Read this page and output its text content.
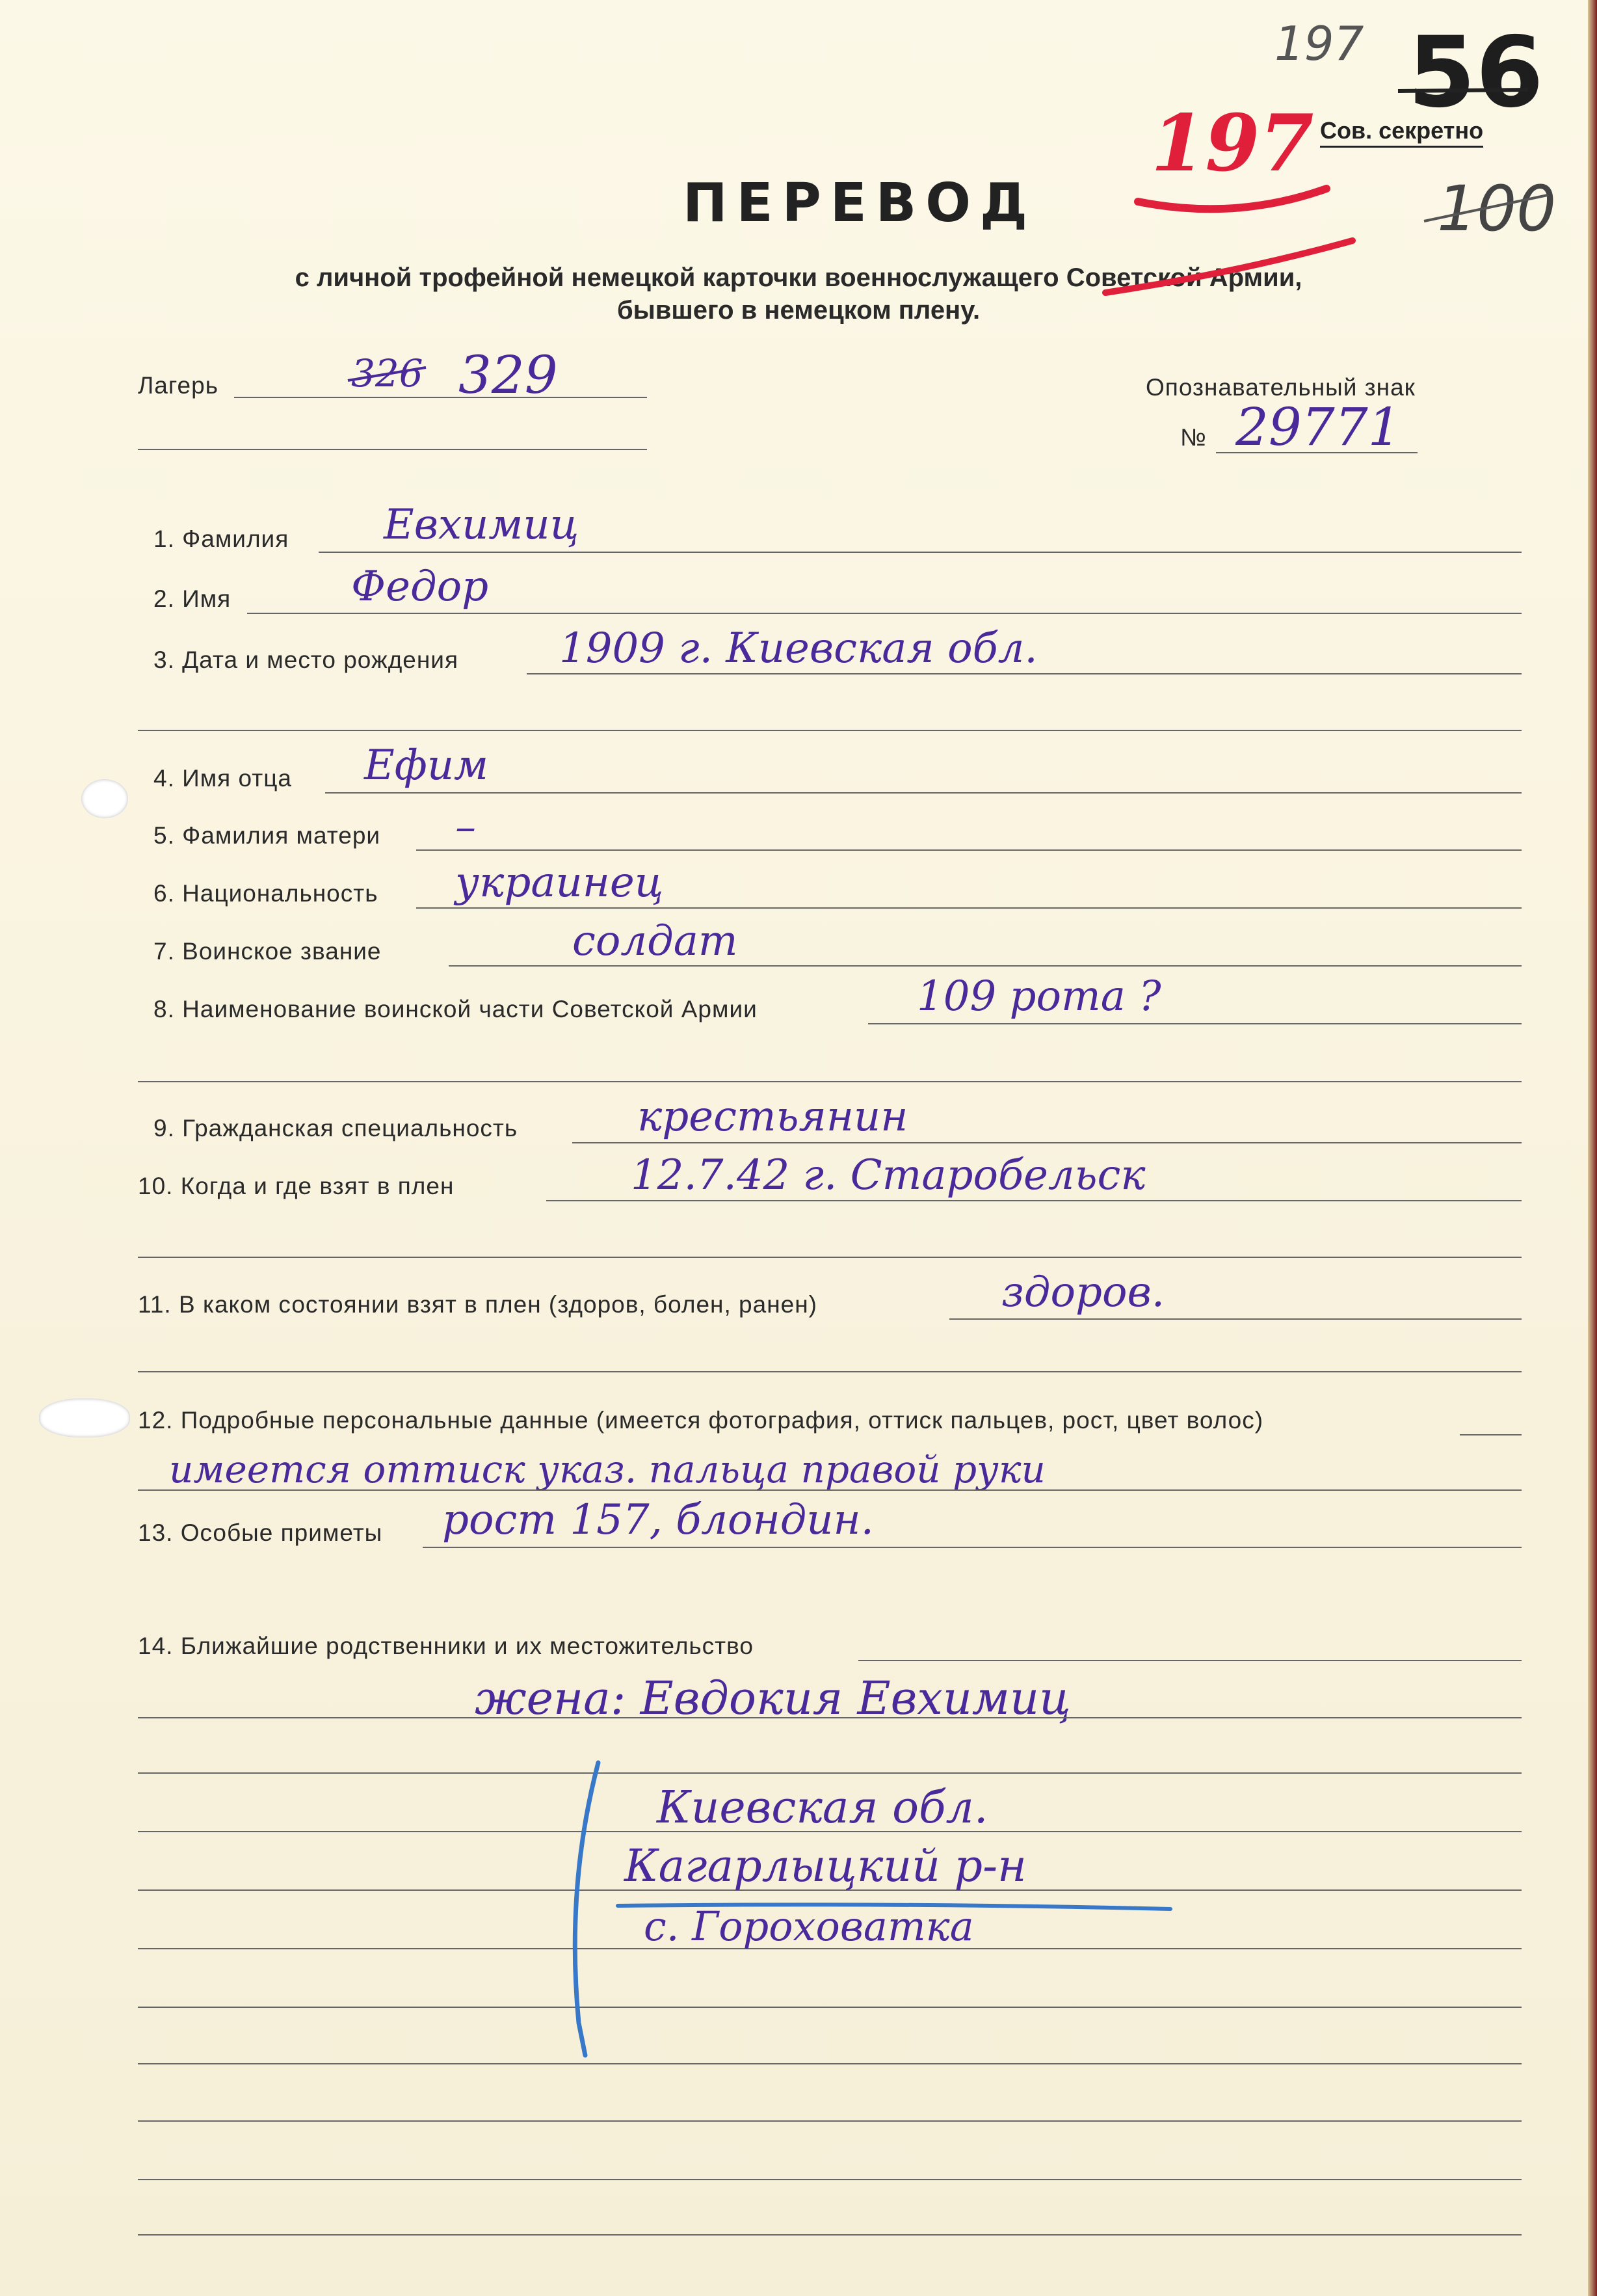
197 56
197 Сов. секретно
100
ПЕРЕВОД
с личной трофейной немецкой карточки военнослужащего Советской Армии,
бывшего в немецком плену.
Лагерь	326 329	Опознавательный знак
№ 29771
1. Фамилия Евхимиц
2. Имя	Федор
3. Дата и место рождения 1909 г. Киевская обл.
4. Имя отца Ефим
5. Фамилия матери –
6. Национальность украинец
7. Воинское звание	солдат
8. Наименование воинской части Советской Армии	109 рота ?
9. Гражданская специальность	крестьянин
10. Когда и где взят в плен	12.7.42 г. Старобельск
11. В каком состоянии взят в плен (здоров, болен, ранен)	здоров.
12. Подробные персональные данные (имеется фотография, оттиск пальцев, рост, цвет волос)
имеется оттиск указ. пальца правой руки
13. Особые приметы рост 157, блондин.
14. Ближайшие родственники и их местожительство
жена: Евдокия Евхимиц
Киевская обл.
Кагарлыцкий р-н
с. Гороховатка
